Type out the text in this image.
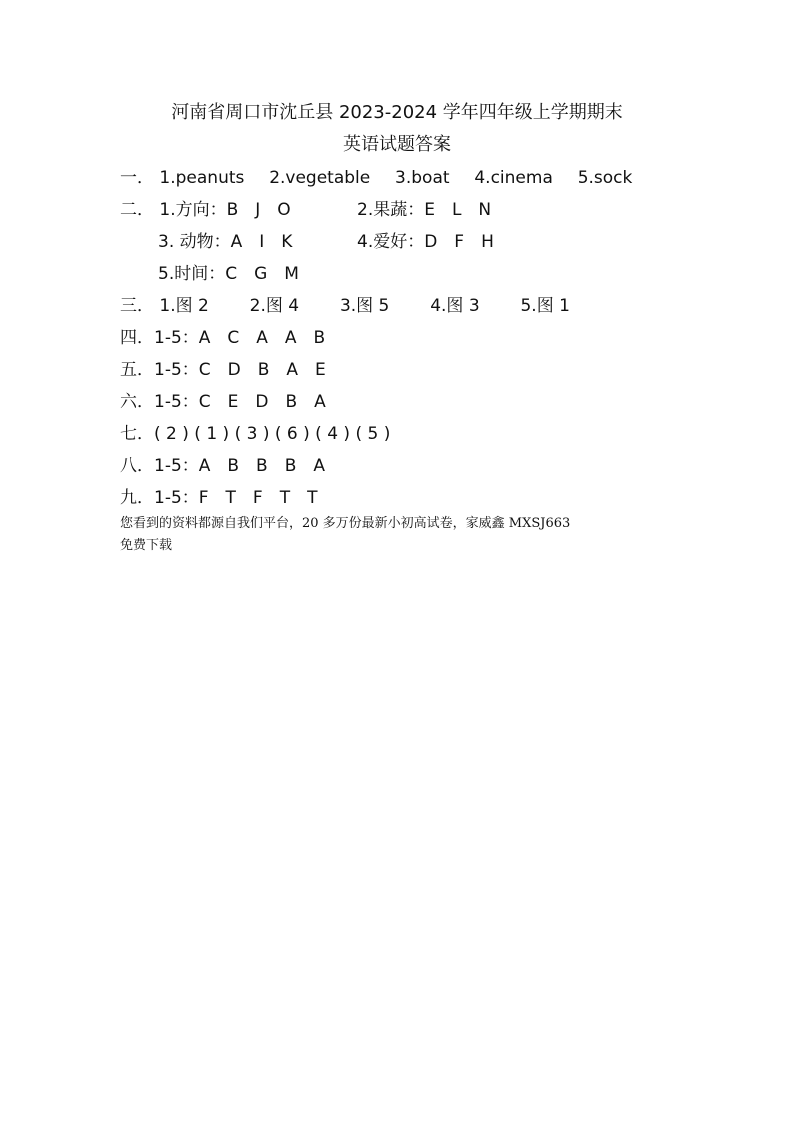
河南省周口市沈丘县 2023-2024 学年四年级上学期期末
英语试题答案
一． 1.peanuts 2.vegetable 3.boat 4.cinema 5.sock
二． 1.方向：B　J　O	2.果蔬：E　L　N
3. 动物：A　I　K	4.爱好：D　F　H
5.时间：C　G　M
三． 1.图 2 2.图 4 3.图 5 4.图 3 5.图 1
四．1-5：A　C　A　A　B
五．1-5：C　D　B　A　E
六．1-5：C　E　D　B　A
七．( 2 ) ( 1 ) ( 3 ) ( 6 ) ( 4 ) ( 5 )
八．1-5：A　B　B　B　A
九．1-5：F　T　F　T　T
您看到的资料都源自我们平台，20 多万份最新小初高试卷，家威鑫 MXSJ663
免费下载
